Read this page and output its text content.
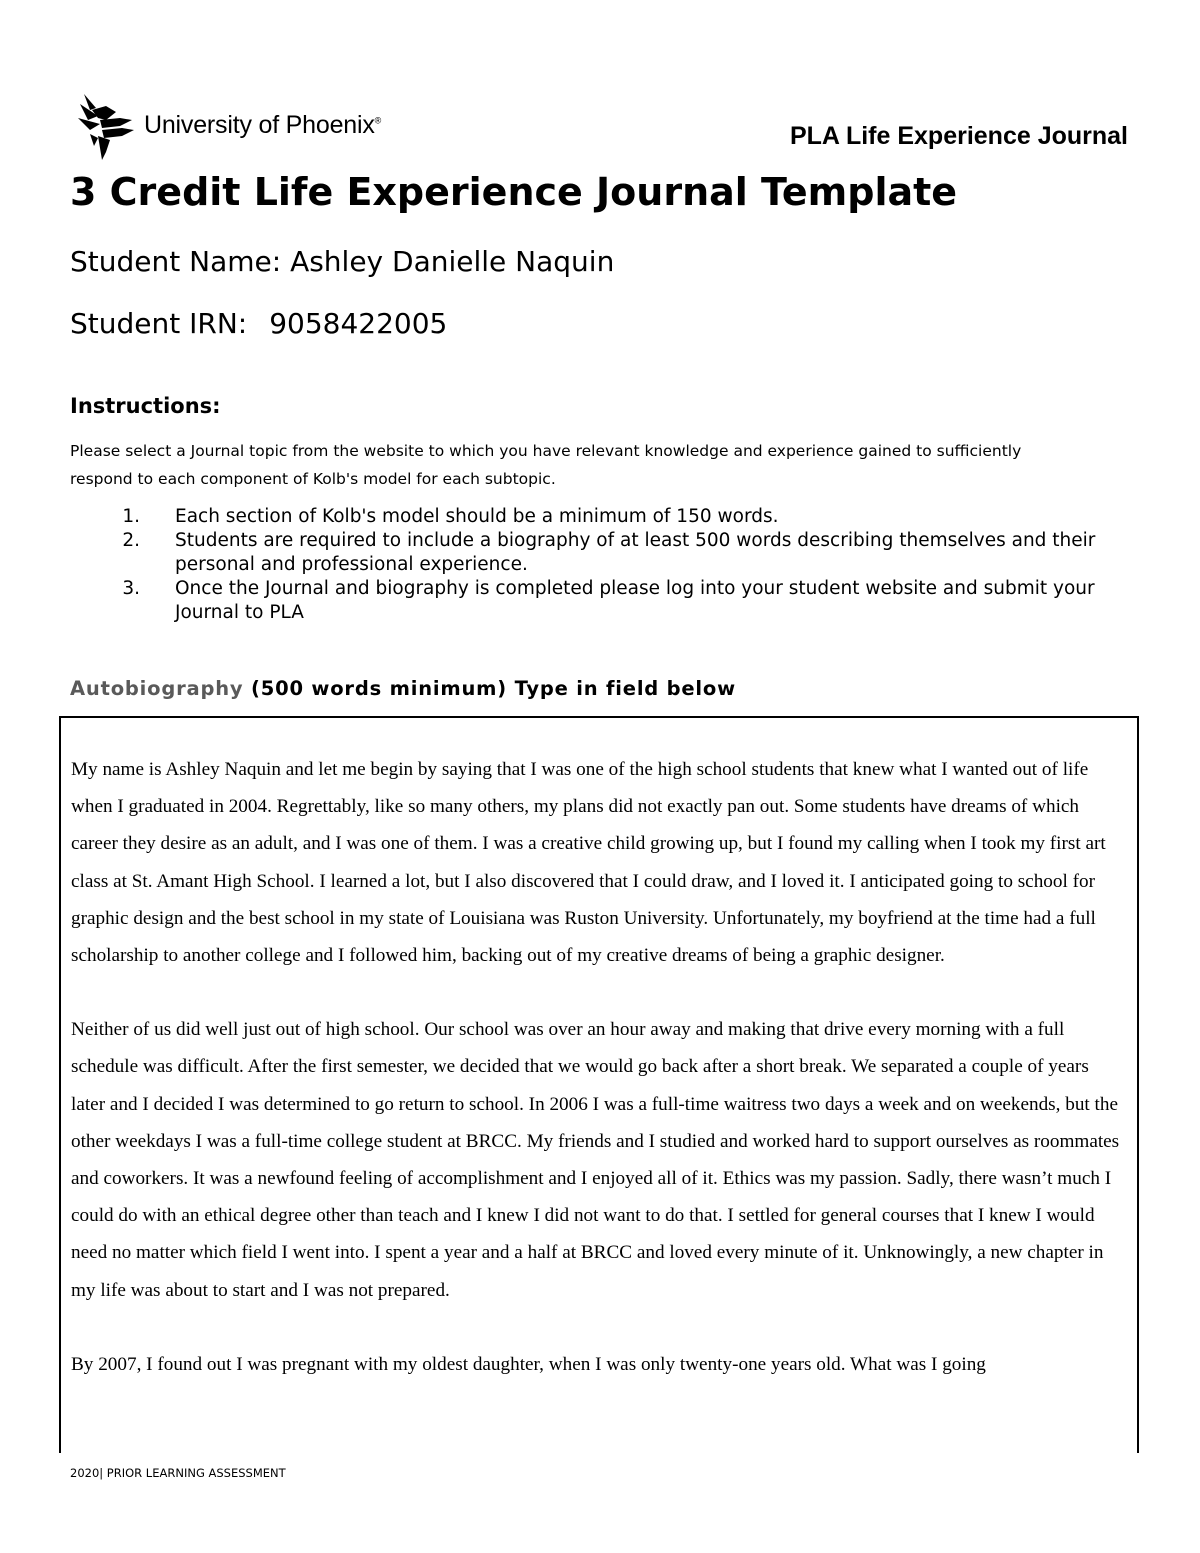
University of Phoenix®
PLA Life Experience Journal
3 Credit Life Experience Journal Template

Student Name: Ashley Danielle Naquin

Student IRN: 9058422005

Instructions:

Please select a Journal topic from the website to which you have relevant knowledge and experience gained to sufficiently respond to each component of Kolb's model for each subtopic.

1. Each section of Kolb's model should be a minimum of 150 words.
2. Students are required to include a biography of at least 500 words describing themselves and their personal and professional experience.
3. Once the Journal and biography is completed please log into your student website and submit your Journal to PLA
Autobiography (500 words minimum) Type in field below

My name is Ashley Naquin and let me begin by saying that I was one of the high school students that knew what I wanted out of life when I graduated in 2004. Regrettably, like so many others, my plans did not exactly pan out. Some students have dreams of which career they desire as an adult, and I was one of them. I was a creative child growing up, but I found my calling when I took my first art class at St. Amant High School. I learned a lot, but I also discovered that I could draw, and I loved it. I anticipated going to school for graphic design and the best school in my state of Louisiana was Ruston University. Unfortunately, my boyfriend at the time had a full scholarship to another college and I followed him, backing out of my creative dreams of being a graphic designer.

Neither of us did well just out of high school. Our school was over an hour away and making that drive every morning with a full schedule was difficult. After the first semester, we decided that we would go back after a short break. We separated a couple of years later and I decided I was determined to go return to school. In 2006 I was a full-time waitress two days a week and on weekends, but the other weekdays I was a full-time college student at BRCC. My friends and I studied and worked hard to support ourselves as roommates and coworkers. It was a newfound feeling of accomplishment and I enjoyed all of it. Ethics was my passion. Sadly, there wasn’t much I could do with an ethical degree other than teach and I knew I did not want to do that. I settled for general courses that I knew I would need no matter which field I went into. I spent a year and a half at BRCC and loved every minute of it. Unknowingly, a new chapter in my life was about to start and I was not prepared.

By 2007, I found out I was pregnant with my oldest daughter, when I was only twenty-one years old. What was I going

2020| PRIOR LEARNING ASSESSMENT
